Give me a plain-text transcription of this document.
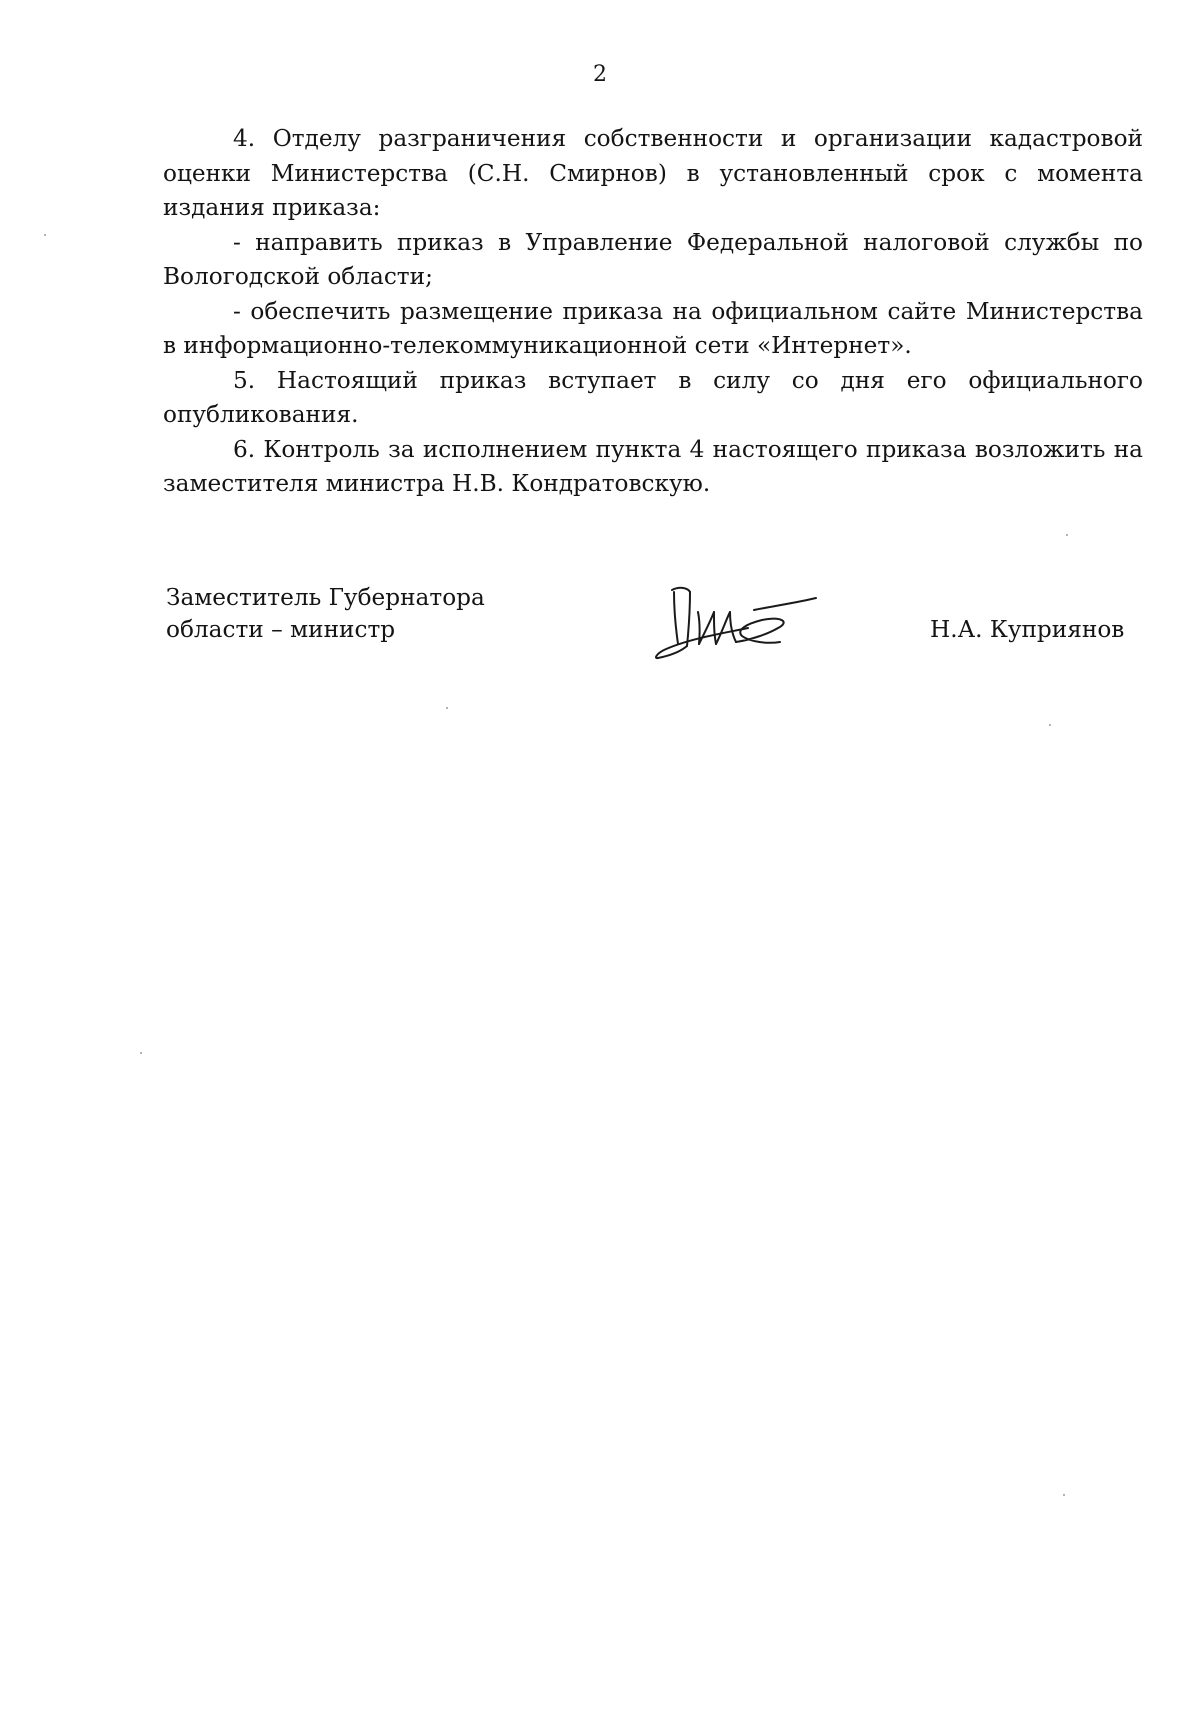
2

4. Отделу разграничения собственности и организации кадастровой оценки Министерства (С.Н. Смирнов) в установленный срок с момента издания приказа:

- направить приказ в Управление Федеральной налоговой службы по Вологодской области;

- обеспечить размещение приказа на официальном сайте Министерства в информационно-телекоммуникационной сети «Интернет».

5. Настоящий приказ вступает в силу со дня его официального опубликования.

6. Контроль за исполнением пункта 4 настоящего приказа возложить на заместителя министра Н.В. Кондратовскую.

Заместитель Губернатора
области – министр	Н.А. Куприянов
